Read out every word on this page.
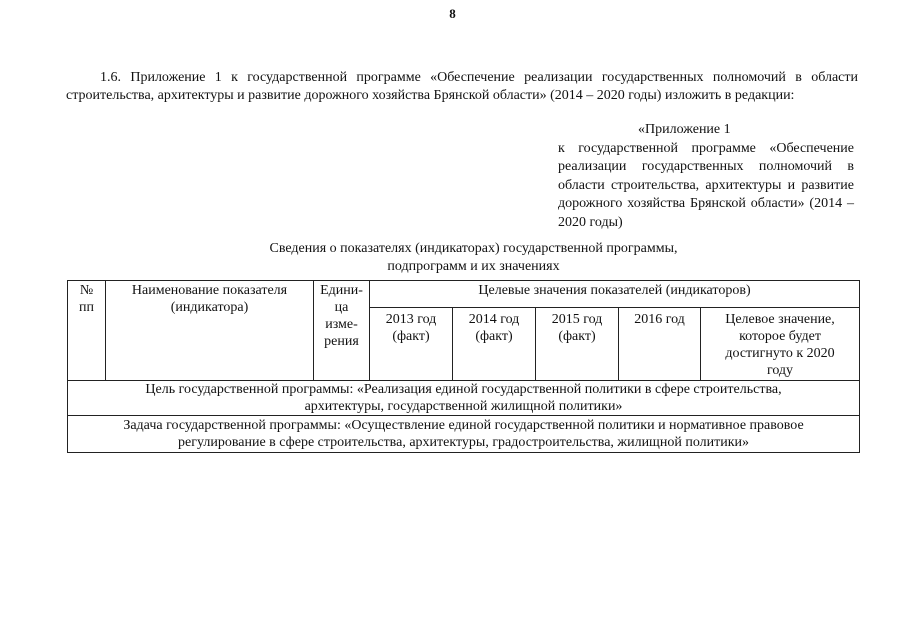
8
1.6. Приложение 1 к государственной программе «Обеспечение реализации государственных полномочий в области строительства, архитектуры и развитие дорожного хозяйства Брянской области» (2014 – 2020 годы) изложить в редакции:
«Приложение 1
к государственной программе «Обеспечение реализации государственных полномочий в области строительства, архитектуры и развитие дорожного хозяйства Брянской области» (2014 – 2020 годы)
Сведения о показателях (индикаторах) государственной программы,
подпрограмм и их значениях
№ пп	Наименование показателя (индикатора)	Едини-ца изме-рения	Целевые значения показателей (индикаторов)				
			2013 год (факт)	2014 год (факт)	2015 год (факт)	2016 год	Целевое значение, которое будет достигнуто к 2020 году
Цель государственной программы: «Реализация единой государственной политики в сфере строительства, архитектуры, государственной жилищной политики»							
Задача государственной программы: «Осуществление единой государственной политики и нормативное правовое регулирование в сфере строительства, архитектуры, градостроительства, жилищной политики»							
